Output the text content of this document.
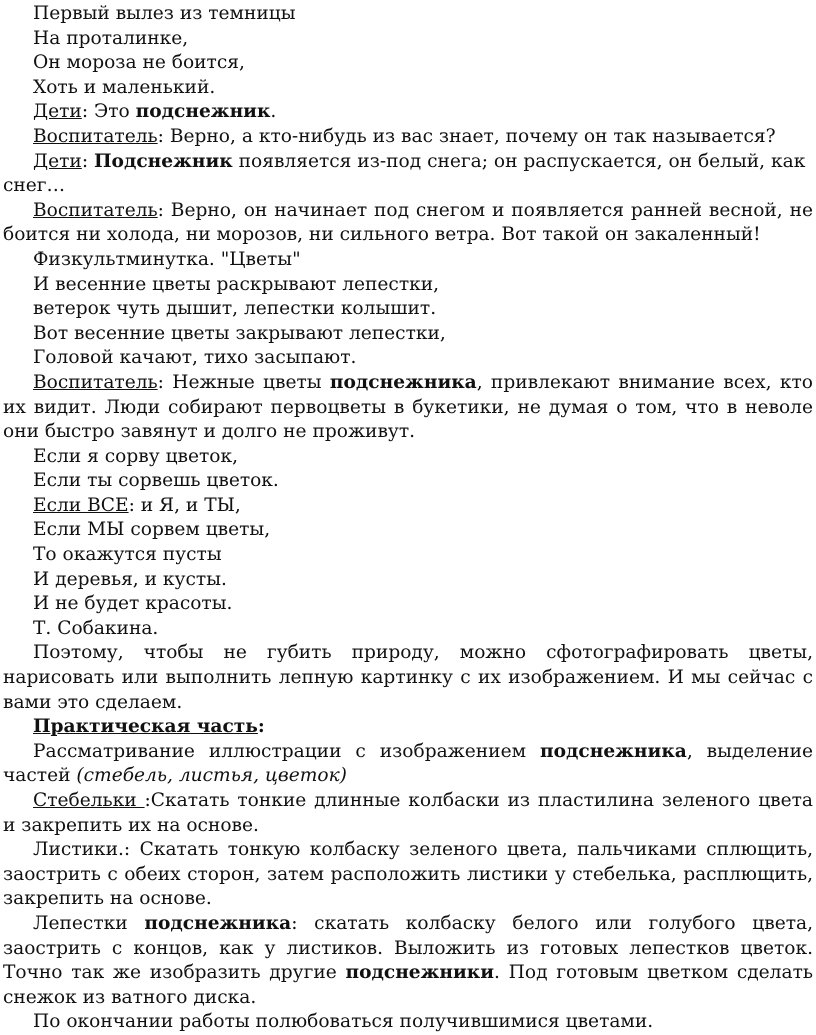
Первый вылез из темницы

На проталинке,

Он мороза не боится,

Хоть и маленький.

Дети: Это подснежник.

Воспитатель: Верно, а кто-нибудь из вас знает, почему он так называется?

Дети: Подснежник появляется из-под снега; он распускается, он белый, как снег…

Воспитатель: Верно, он начинает под снегом и появляется ранней весной, не боится ни холода, ни морозов, ни сильного ветра. Вот такой он закаленный!

Физкультминутка. "Цветы"

И весенние цветы раскрывают лепестки,

ветерок чуть дышит, лепестки колышит.

Вот весенние цветы закрывают лепестки,

Головой качают, тихо засыпают.

Воспитатель: Нежные цветы подснежника, привлекают внимание всех, кто их видит. Люди собирают первоцветы в букетики, не думая о том, что в неволе они быстро завянут и долго не проживут.

Если я сорву цветок,

Если ты сорвешь цветок.

Если ВСЕ: и Я, и ТЫ,

Если МЫ сорвем цветы,

То окажутся пусты

И деревья, и кусты.

И не будет красоты.

Т. Собакина.

Поэтому, чтобы не губить природу, можно сфотографировать цветы, нарисовать или выполнить лепную картинку с их изображением. И мы сейчас с вами это сделаем.

Практическая часть:

Рассматривание иллюстрации с изображением подснежника, выделение частей (стебель, листья, цветок)

Стебельки :Скатать тонкие длинные колбаски из пластилина зеленого цвета и закрепить их на основе.

Листики.: Скатать тонкую колбаску зеленого цвета, пальчиками сплющить, заострить с обеих сторон, затем расположить листики у стебелька, расплющить, закрепить на основе.

Лепестки подснежника: скатать колбаску белого или голубого цвета, заострить с концов, как у листиков. Выложить из готовых лепестков цветок. Точно так же изобразить другие подснежники. Под готовым цветком сделать снежок из ватного диска.

По окончании работы полюбоваться получившимися цветами.
